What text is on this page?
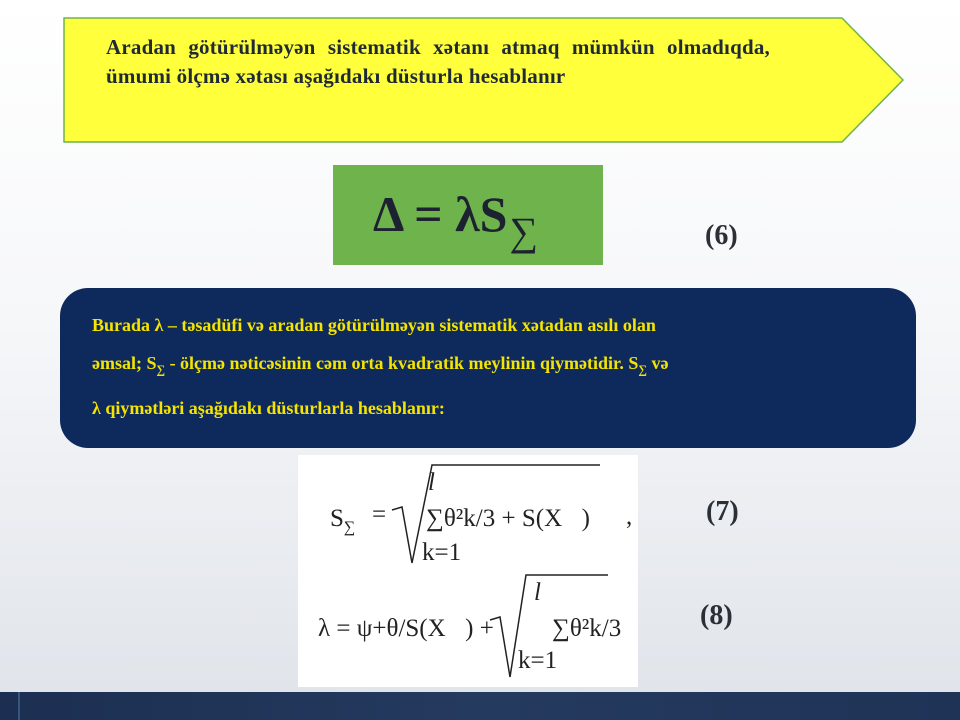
Aradan götürülməyən sistematik xətanı atmaq mümkün olmadıqda, ümumi ölçmə xətası aşağıdakı düsturla hesablanır
$\Delta = \lambda S_\sum$	(6)
Burada λ – təsadüfi və aradan götürülməyən sistematik xətadan asılı olan
əmsal; $S_\sum$ - ölçmə nəticəsinin cəm orta kvadratik meylinin qiymətidir. $S_\sum$ və
λ qiymətləri aşağıdakı düsturlarla hesablanır:
$S_\sum$ =
l
∑θ²k/3 + S(X ) ,
k=1
l
λ = ψ+θ/S(X ) +	∑θ²k/3
k=1
(7)
(8)
